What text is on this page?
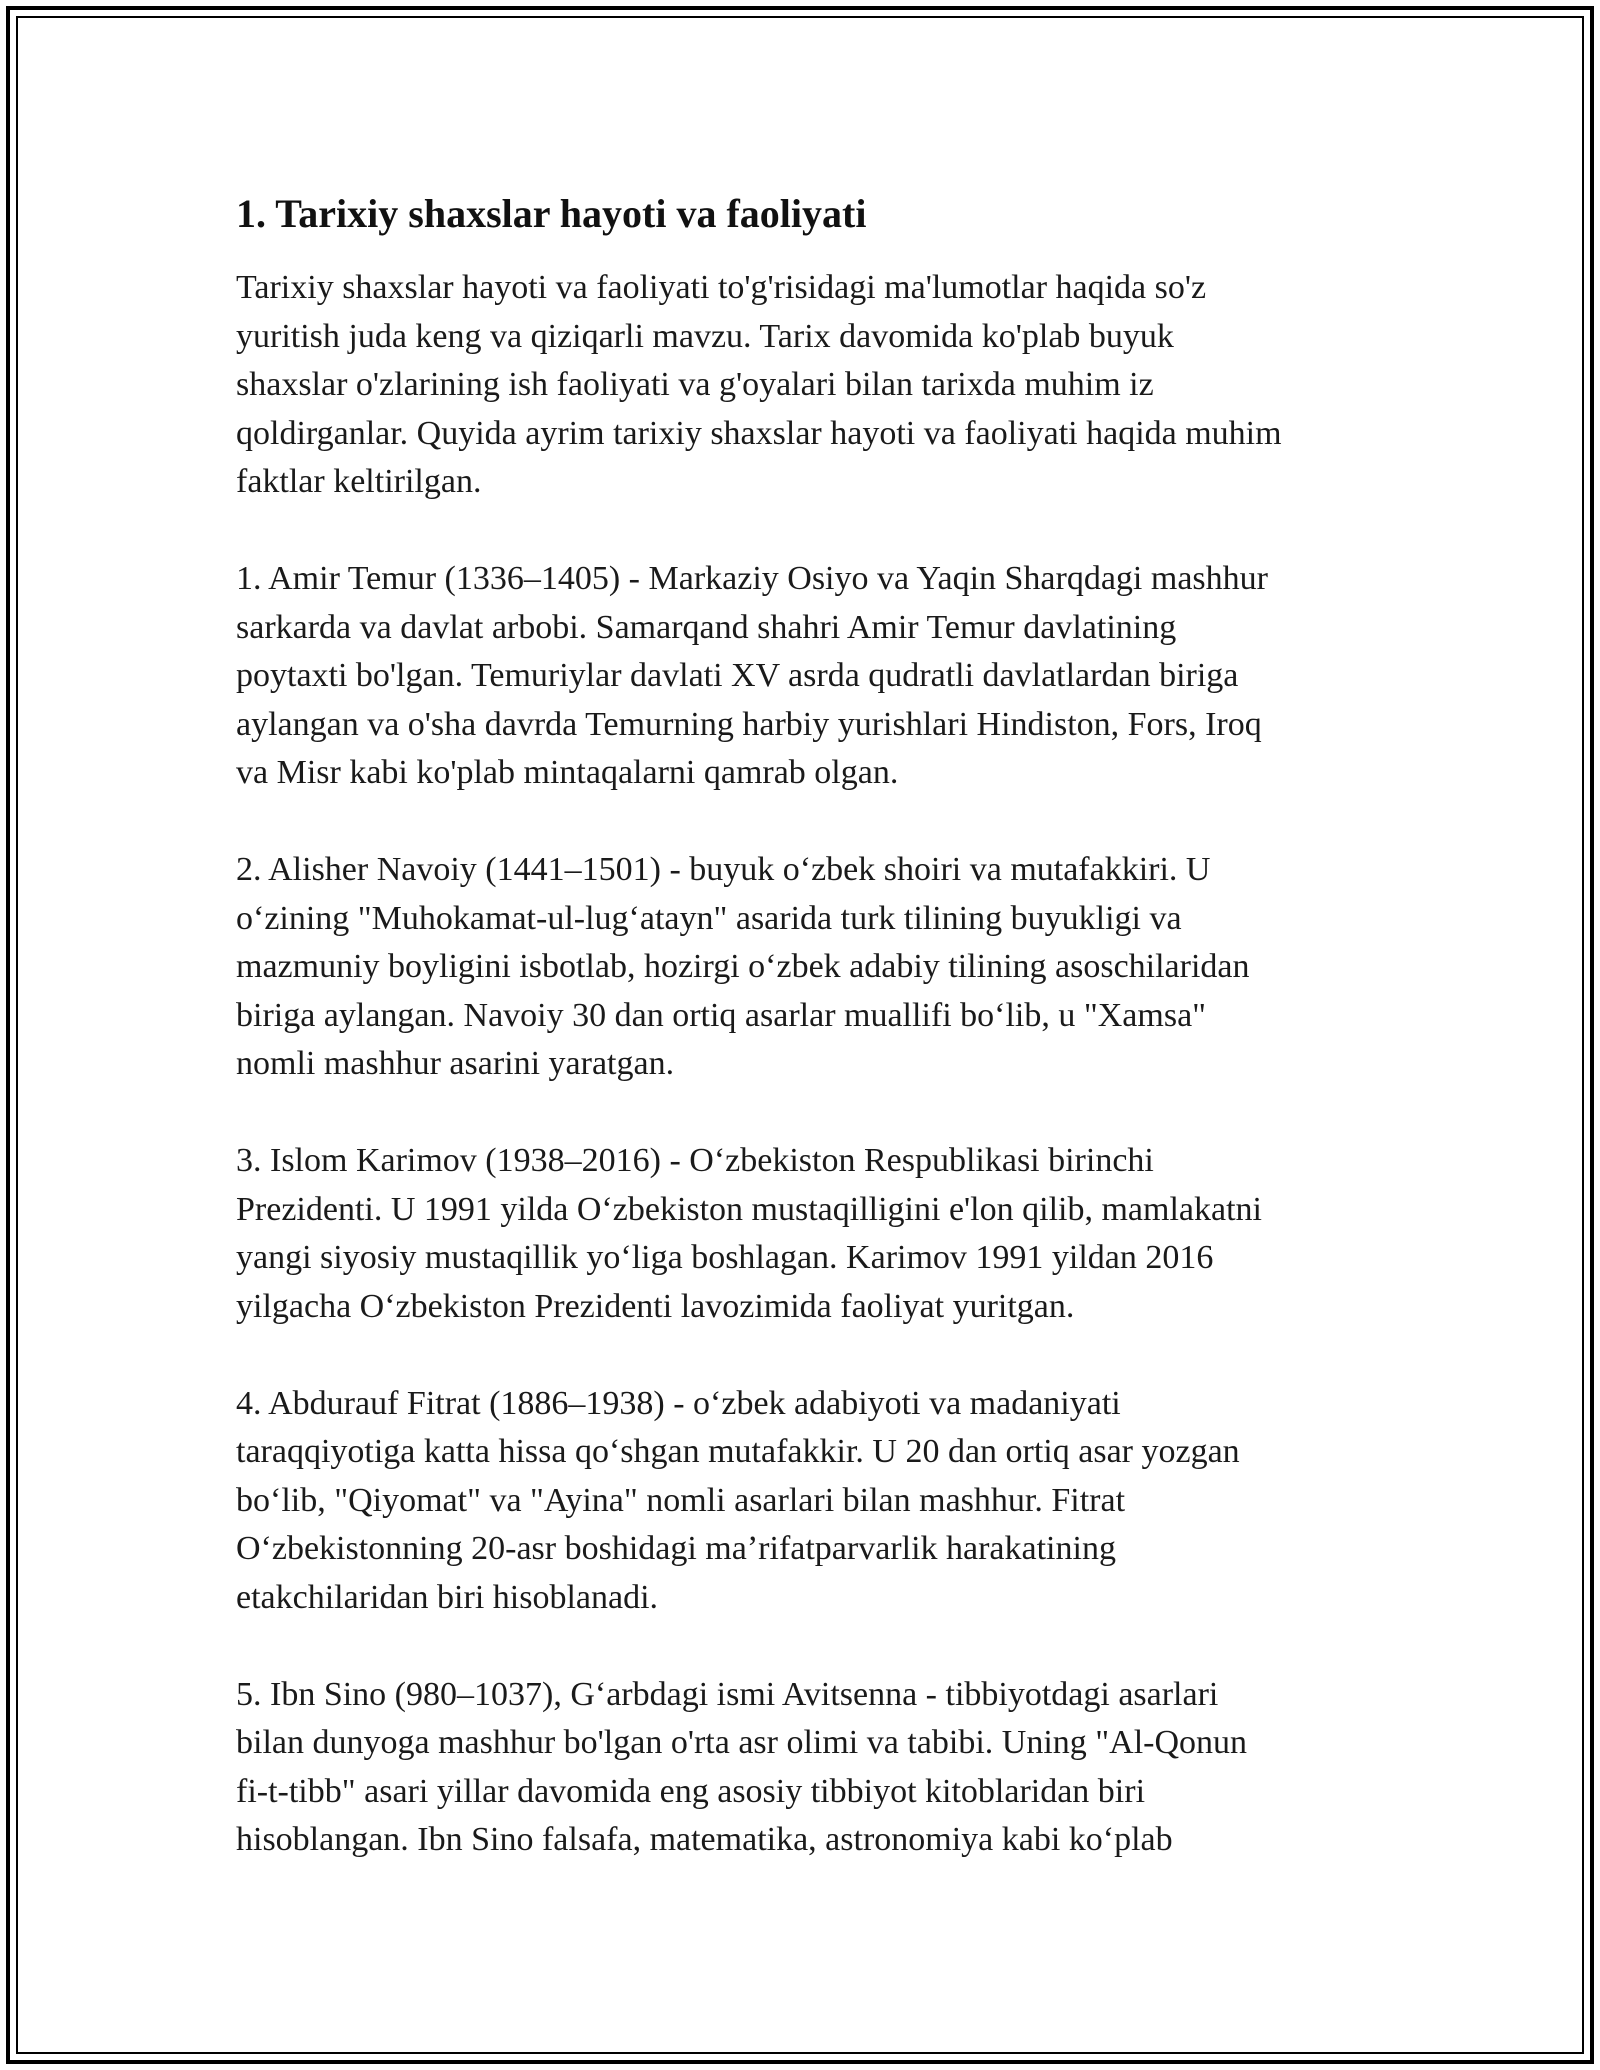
1. Tarixiy shaxslar hayoti va faoliyati
Tarixiy shaxslar hayoti va faoliyati to'g'risidagi ma'lumotlar haqida so'z
yuritish juda keng va qiziqarli mavzu. Tarix davomida ko'plab buyuk
shaxslar o'zlarining ish faoliyati va g'oyalari bilan tarixda muhim iz
qoldirganlar. Quyida ayrim tarixiy shaxslar hayoti va faoliyati haqida muhim
faktlar keltirilgan.
1. Amir Temur (1336–1405) - Markaziy Osiyo va Yaqin Sharqdagi mashhur
sarkarda va davlat arbobi. Samarqand shahri Amir Temur davlatining
poytaxti bo'lgan. Temuriylar davlati XV asrda qudratli davlatlardan biriga
aylangan va o'sha davrda Temurning harbiy yurishlari Hindiston, Fors, Iroq
va Misr kabi ko'plab mintaqalarni qamrab olgan.
2. Alisher Navoiy (1441–1501) - buyuk oʻzbek shoiri va mutafakkiri. U
oʻzining "Muhokamat-ul-lugʻatayn" asarida turk tilining buyukligi va
mazmuniy boyligini isbotlab, hozirgi oʻzbek adabiy tilining asoschilaridan
biriga aylangan. Navoiy 30 dan ortiq asarlar muallifi boʻlib, u "Xamsa"
nomli mashhur asarini yaratgan.
3. Islom Karimov (1938–2016) - Oʻzbekiston Respublikasi birinchi
Prezidenti. U 1991 yilda Oʻzbekiston mustaqilligini e'lon qilib, mamlakatni
yangi siyosiy mustaqillik yoʻliga boshlagan. Karimov 1991 yildan 2016
yilgacha Oʻzbekiston Prezidenti lavozimida faoliyat yuritgan.
4. Abdurauf Fitrat (1886–1938) - oʻzbek adabiyoti va madaniyati
taraqqiyotiga katta hissa qoʻshgan mutafakkir. U 20 dan ortiq asar yozgan
boʻlib, "Qiyomat" va "Ayina" nomli asarlari bilan mashhur. Fitrat
Oʻzbekistonning 20-asr boshidagi maʼrifatparvarlik harakatining
etakchilaridan biri hisoblanadi.
5. Ibn Sino (980–1037), Gʻarbdagi ismi Avitsenna - tibbiyotdagi asarlari
bilan dunyoga mashhur bo'lgan o'rta asr olimi va tabibi. Uning "Al-Qonun
fi-t-tibb" asari yillar davomida eng asosiy tibbiyot kitoblaridan biri
hisoblangan. Ibn Sino falsafa, matematika, astronomiya kabi koʻplab
